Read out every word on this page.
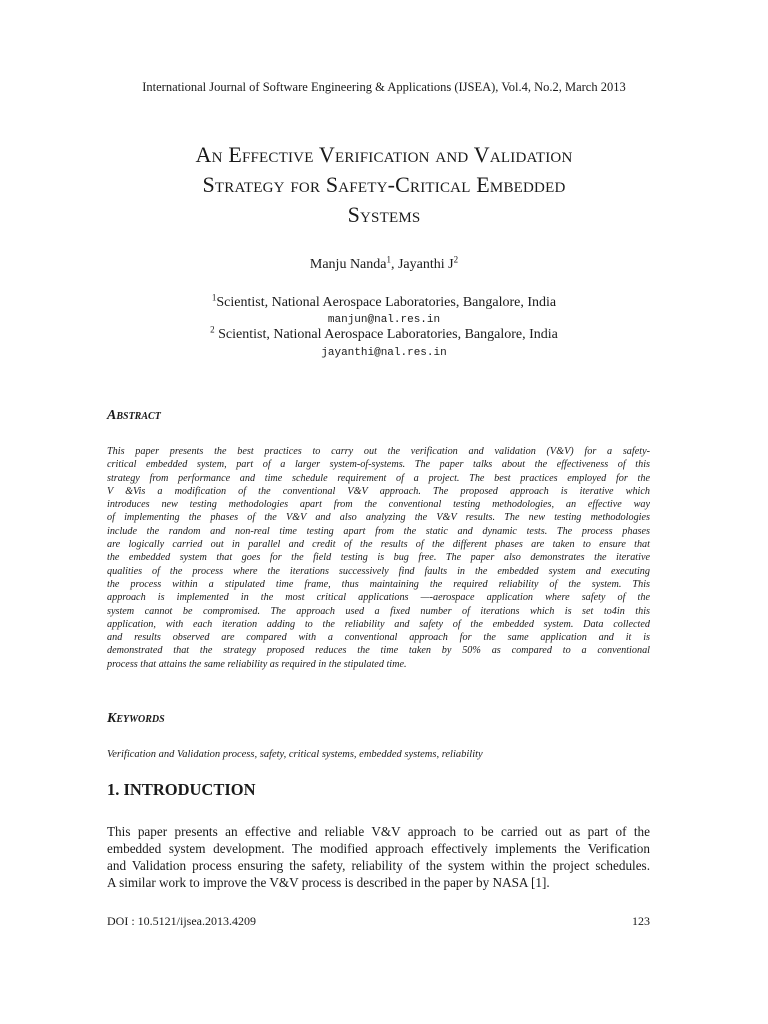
International Journal of Software Engineering & Applications (IJSEA), Vol.4, No.2, March 2013
An Effective Verification and Validation
Strategy for Safety-Critical Embedded
Systems
Manju Nanda$^1$, Jayanthi $J^2$
$^1$Scientist, National Aerospace Laboratories, Bangalore, India
manjun@nal.res.in
$^2$ Scientist, National Aerospace Laboratories, Bangalore, India
jayanthi@nal.res.in
Abstract
This paper presents the best practices to carry out the verification and validation (V&V) for a safety-
critical embedded system, part of a larger system-of-systems. The paper talks about the effectiveness of this
strategy from performance and time schedule requirement of a project. The best practices employed for the
V &Vis a modification of the conventional V&V approach. The proposed approach is iterative which
introduces new testing methodologies apart from the conventional testing methodologies, an effective way
of implementing the phases of the V&V and also analyzing the V&V results. The new testing methodologies
include the random and non-real time testing apart from the static and dynamic tests. The process phases
are logically carried out in parallel and credit of the results of the different phases are taken to ensure that
the embedded system that goes for the field testing is bug free. The paper also demonstrates the iterative
qualities of the process where the iterations successively find faults in the embedded system and executing
the process within a stipulated time frame, thus maintaining the required reliability of the system. This
approach is implemented in the most critical applications —-aerospace application where safety of the
system cannot be compromised. The approach used a fixed number of iterations which is set to4in this
application, with each iteration adding to the reliability and safety of the embedded system. Data collected
and results observed are compared with a conventional approach for the same application and it is
demonstrated that the strategy proposed reduces the time taken by 50% as compared to a conventional
process that attains the same reliability as required in the stipulated time.
Keywords
Verification and Validation process, safety, critical systems, embedded systems, reliability
1. INTRODUCTION
This paper presents an effective and reliable V&V approach to be carried out as part of the
embedded system development. The modified approach effectively implements the Verification
and Validation process ensuring the safety, reliability of the system within the project schedules.
A similar work to improve the V&V process is described in the paper by NASA [1].
DOI : 10.5121/ijsea.2013.4209	123
